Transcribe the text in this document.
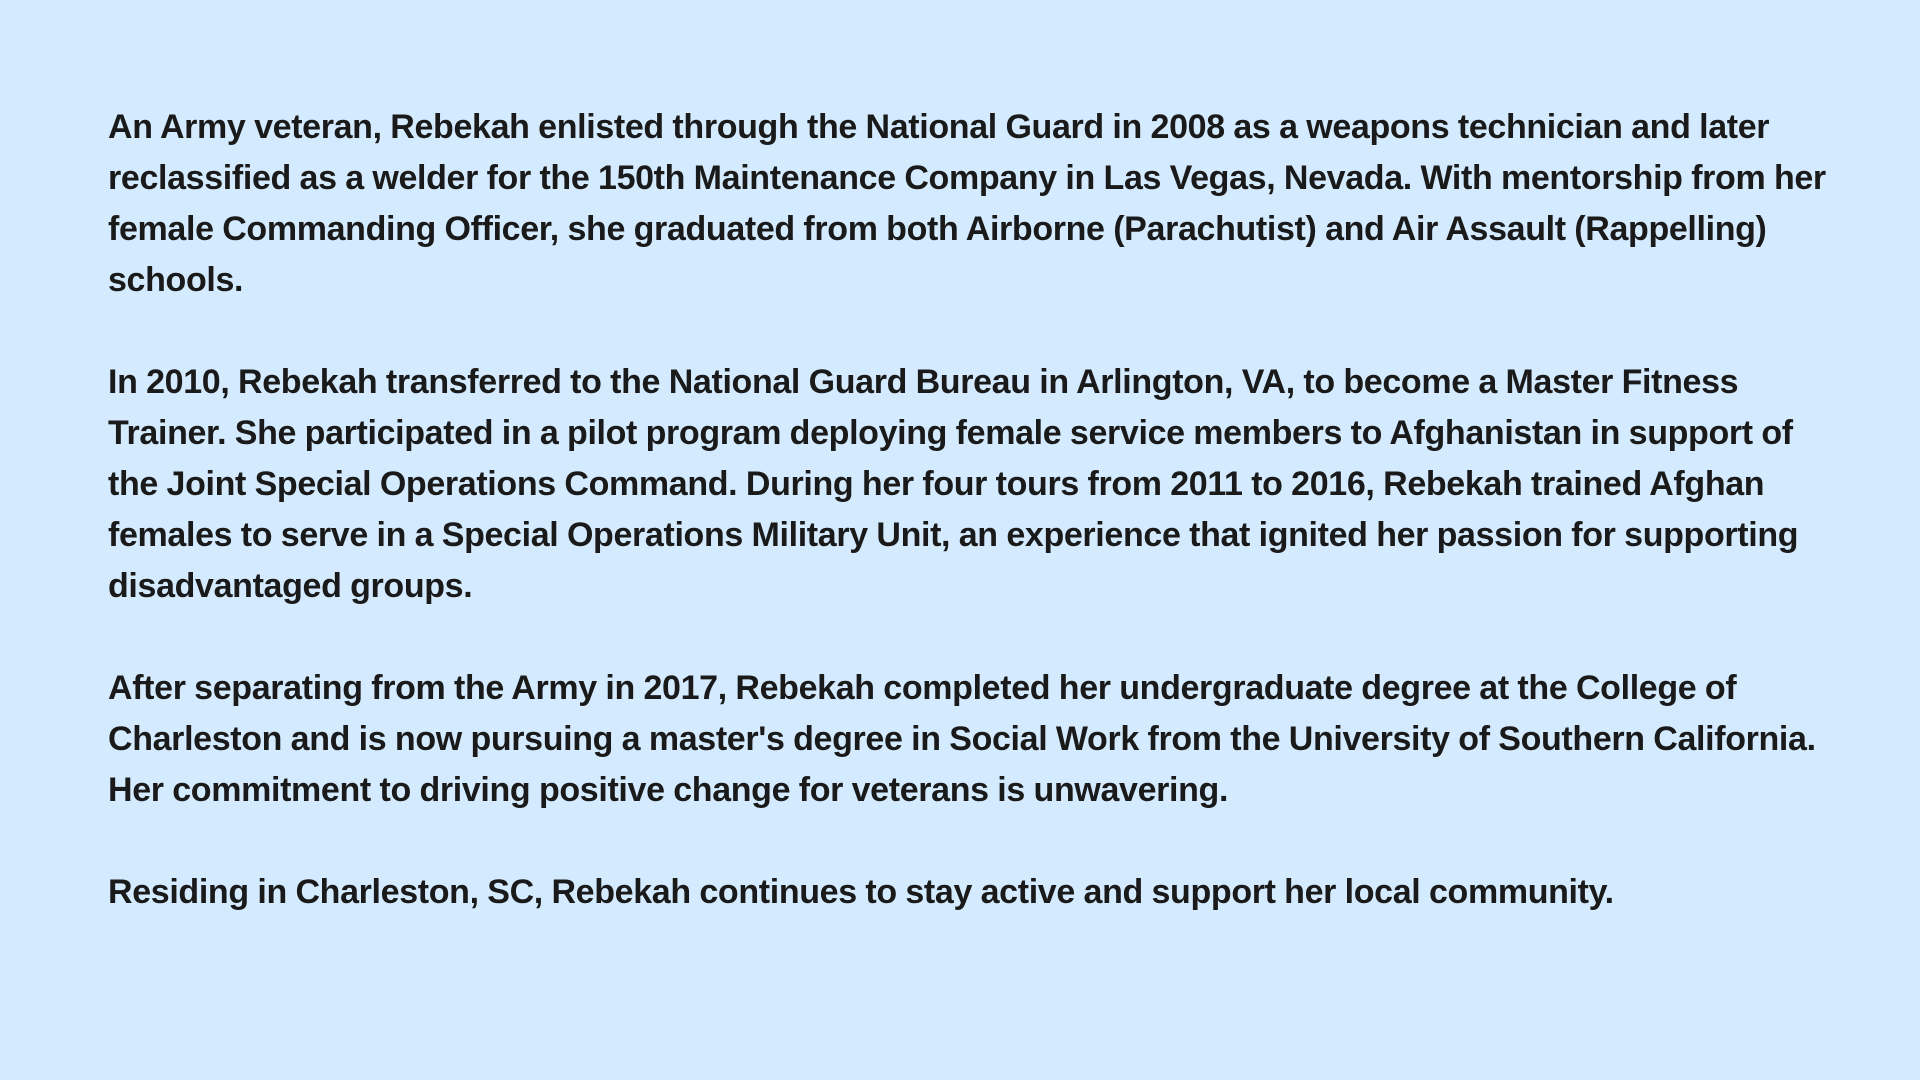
An Army veteran, Rebekah enlisted through the National Guard in 2008 as a weapons technician and later reclassified as a welder for the 150th Maintenance Company in Las Vegas, Nevada. With mentorship from her female Commanding Officer, she graduated from both Airborne (Parachutist) and Air Assault (Rappelling) schools.

In 2010, Rebekah transferred to the National Guard Bureau in Arlington, VA, to become a Master Fitness Trainer. She participated in a pilot program deploying female service members to Afghanistan in support of the Joint Special Operations Command. During her four tours from 2011 to 2016, Rebekah trained Afghan females to serve in a Special Operations Military Unit, an experience that ignited her passion for supporting disadvantaged groups.

After separating from the Army in 2017, Rebekah completed her undergraduate degree at the College of Charleston and is now pursuing a master's degree in Social Work from the University of Southern California. Her commitment to driving positive change for veterans is unwavering.

Residing in Charleston, SC, Rebekah continues to stay active and support her local community.
